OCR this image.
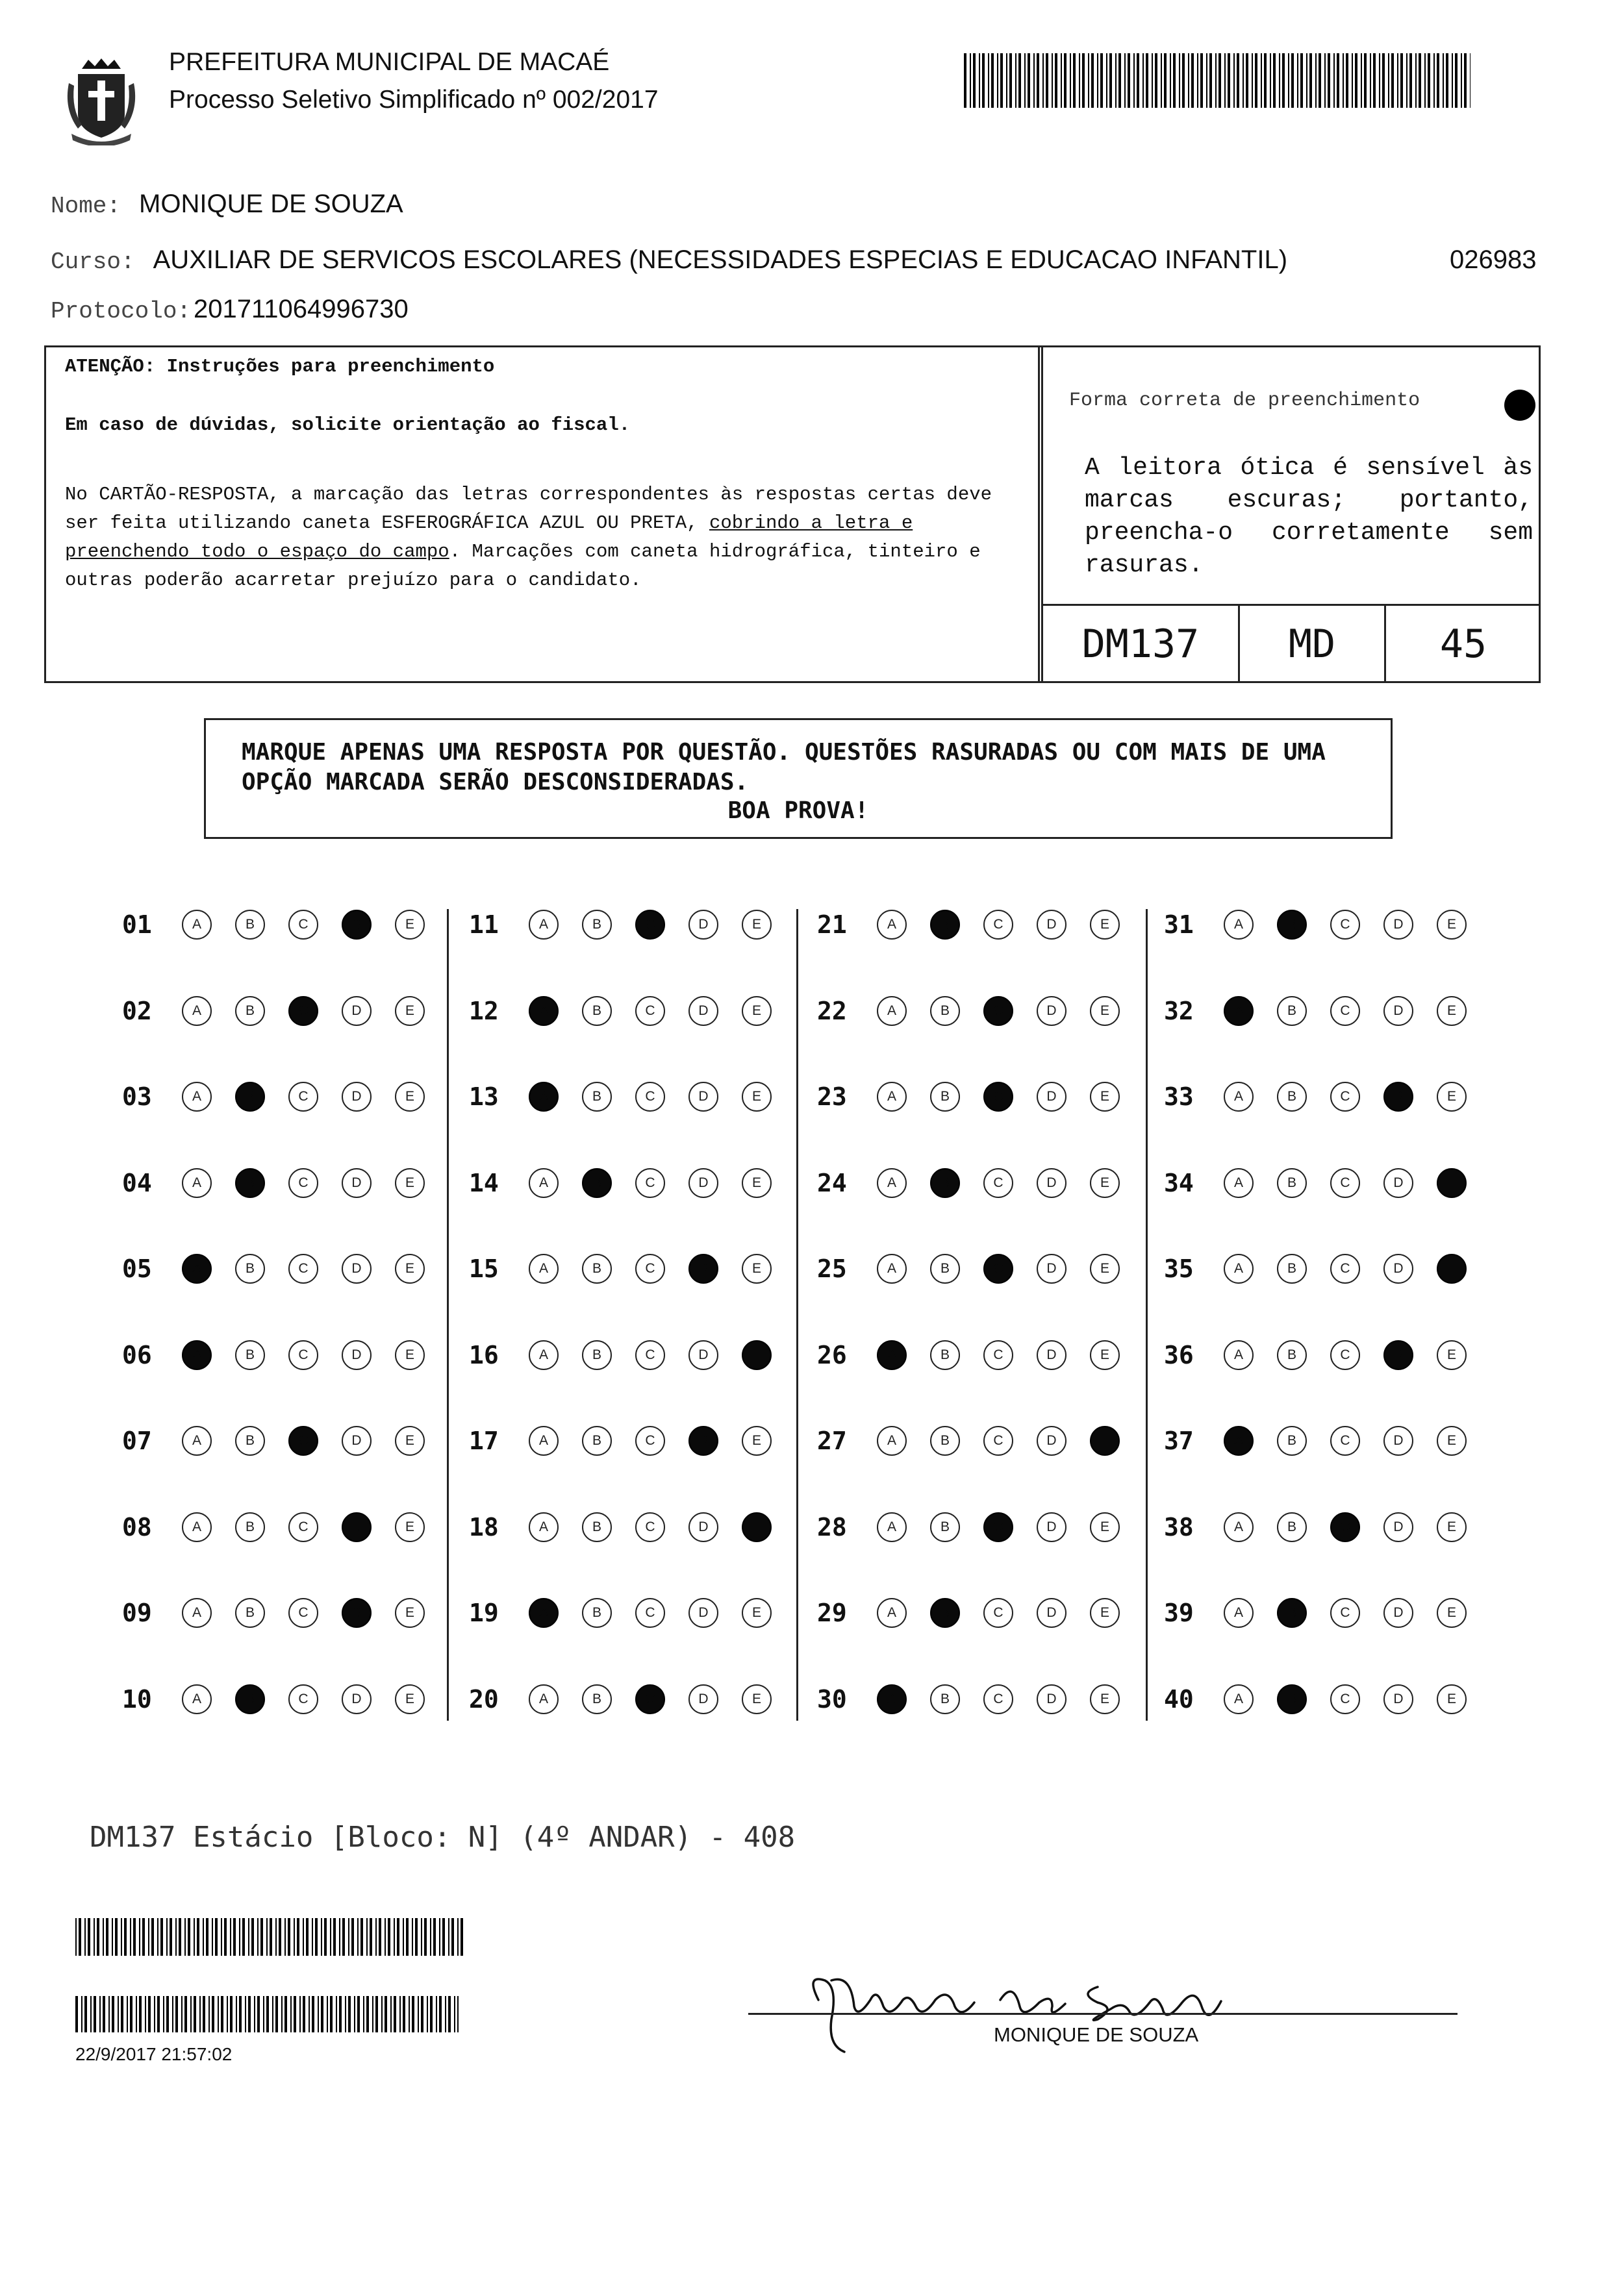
PREFEITURA MUNICIPAL DE MACAÉ
Processo Seletivo Simplificado nº 002/2017
Nome: MONIQUE DE SOUZA
Curso: AUXILIAR DE SERVICOS ESCOLARES (NECESSIDADES ESPECIAS E EDUCACAO INFANTIL)	026983
Protocolo: 201711064996730
ATENÇÃO: Instruções para preenchimento
Em caso de dúvidas, solicite orientação ao fiscal.
No CARTÃO-RESPOSTA, a marcação das letras correspondentes às respostas certas deve ser feita utilizando caneta ESFEROGRÁFICA AZUL OU PRETA, cobrindo a letra e preenchendo todo o espaço do campo. Marcações com caneta hidrográfica, tinteiro e outras poderão acarretar prejuízo para o candidato.
Forma correta de preenchimento
A leitora ótica é sensível às marcas escuras; portanto, preencha-o corretamente sem rasuras.
DM137	MD	45
MARQUE APENAS UMA RESPOSTA POR QUESTÃO. QUESTÕES RASURADAS OU COM MAIS DE UMA OPÇÃO MARCADA SERÃO DESCONSIDERADAS.
BOA PROVA!
01	A	B	C	D	E
02	A	B	C	D	E
03	A	B	C	D	E
04	A	B	C	D	E
05	A	B	C	D	E
06	A	B	C	D	E
07	A	B	C	D	E
08	A	B	C	D	E
09	A	B	C	D	E
10	A	B	C	D	E
11	A	B	C	D	E
12	A	B	C	D	E
13	A	B	C	D	E
14	A	B	C	D	E
15	A	B	C	D	E
16	A	B	C	D	E
17	A	B	C	D	E
18	A	B	C	D	E
19	A	B	C	D	E
20	A	B	C	D	E
21	A	B	C	D	E
22	A	B	C	D	E
23	A	B	C	D	E
24	A	B	C	D	E
25	A	B	C	D	E
26	A	B	C	D	E
27	A	B	C	D	E
28	A	B	C	D	E
29	A	B	C	D	E
30	A	B	C	D	E
31	A	B	C	D	E
32	A	B	C	D	E
33	A	B	C	D	E
34	A	B	C	D	E
35	A	B	C	D	E
36	A	B	C	D	E
37	A	B	C	D	E
38	A	B	C	D	E
39	A	B	C	D	E
40	A	B	C	D	E
DM137 Estácio [Bloco: N] (4º ANDAR) - 408
22/9/2017 21:57:02
MONIQUE DE SOUZA
